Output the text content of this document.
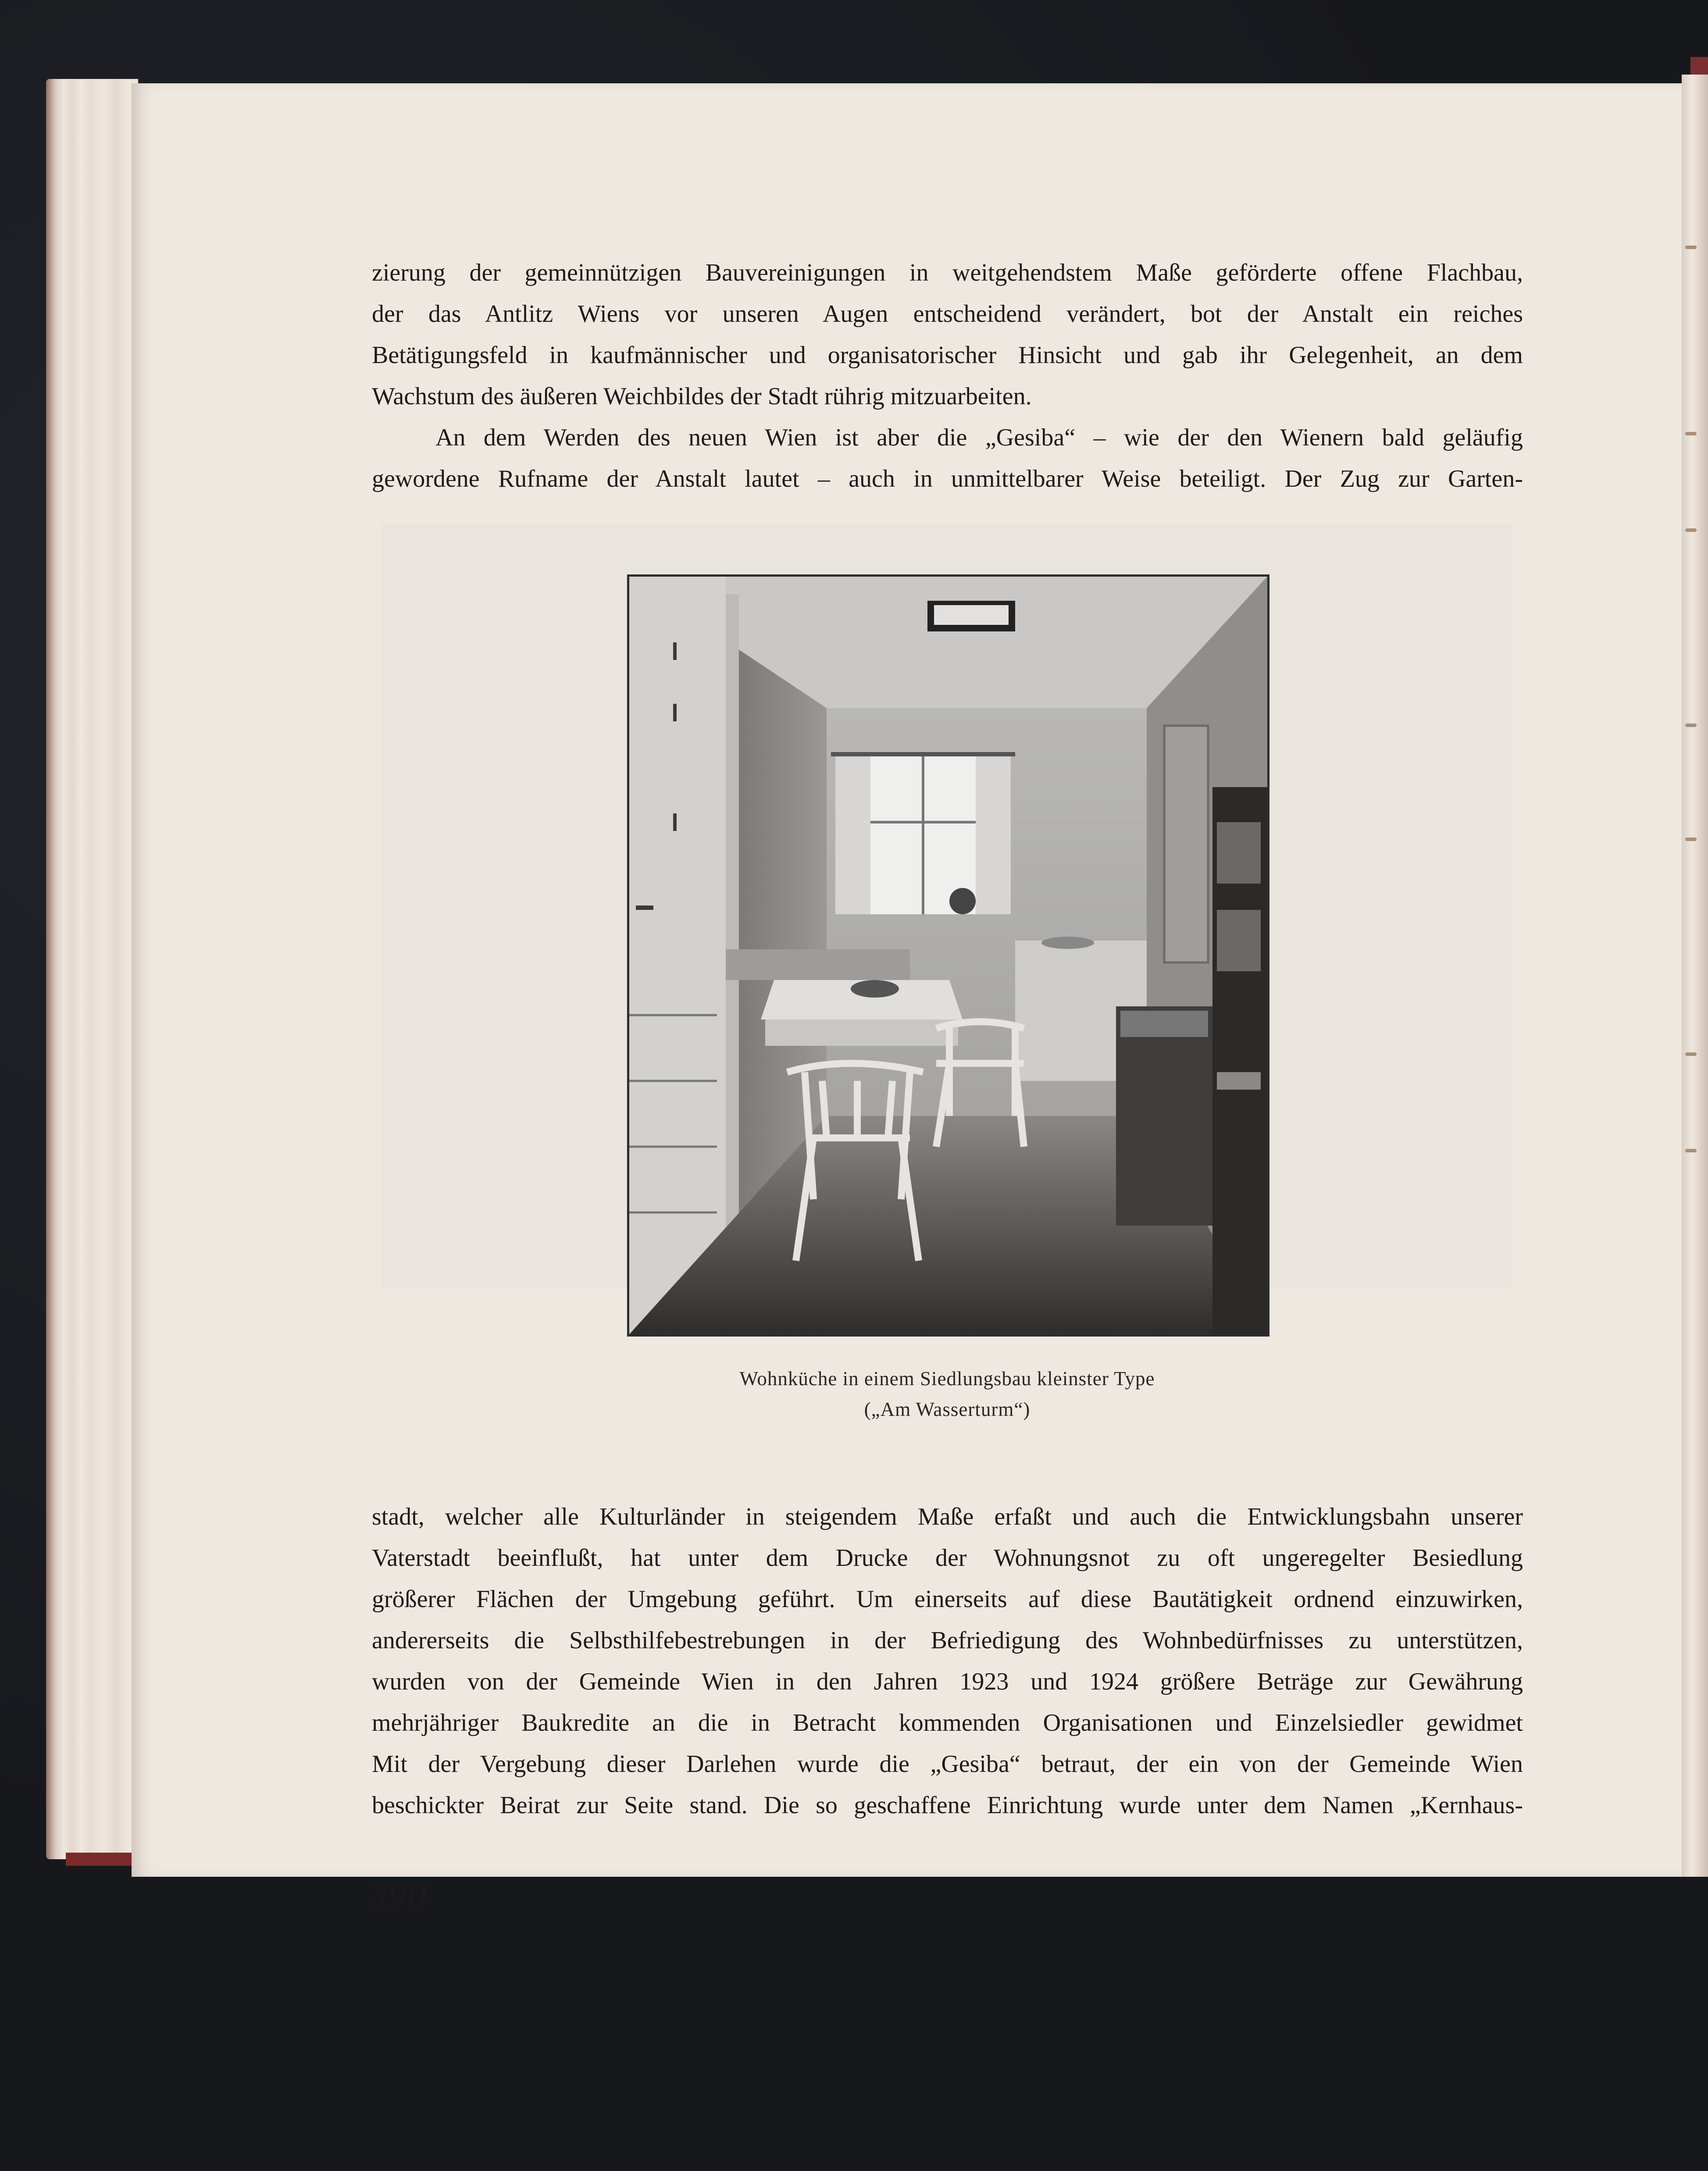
zierung der gemeinnützigen Bauvereinigungen in weitgehendstem Maße geförderte offene Flachbau,
der das Antlitz Wiens vor unseren Augen entscheidend verändert, bot der Anstalt ein reiches
Betätigungsfeld in kaufmännischer und organisatorischer Hinsicht und gab ihr Gelegenheit, an dem
Wachstum des äußeren Weichbildes der Stadt rührig mitzuarbeiten.
An dem Werden des neuen Wien ist aber die „Gesiba“ – wie der den Wienern bald geläufig
gewordene Rufname der Anstalt lautet – auch in unmittelbarer Weise beteiligt. Der Zug zur Garten-

Wohnküche in einem Siedlungsbau kleinster Type

(„Am Wasserturm“)

stadt, welcher alle Kulturländer in steigendem Maße erfaßt und auch die Entwicklungsbahn unserer
Vaterstadt beeinflußt, hat unter dem Drucke der Wohnungsnot zu oft ungeregelter Besiedlung
größerer Flächen der Umgebung geführt. Um einerseits auf diese Bautätigkeit ordnend einzuwirken,
andererseits die Selbsthilfebestrebungen in der Befriedigung des Wohnbedürfnisses zu unterstützen,
wurden von der Gemeinde Wien in den Jahren 1923 und 1924 größere Beträge zur Gewährung
mehrjähriger Baukredite an die in Betracht kommenden Organisationen und Einzelsiedler gewidmet
Mit der Vergebung dieser Darlehen wurde die „Gesiba“ betraut, der ein von der Gemeinde Wien
beschickter Beirat zur Seite stand. Die so geschaffene Einrichtung wurde unter dem Namen „Kernhaus-
390
